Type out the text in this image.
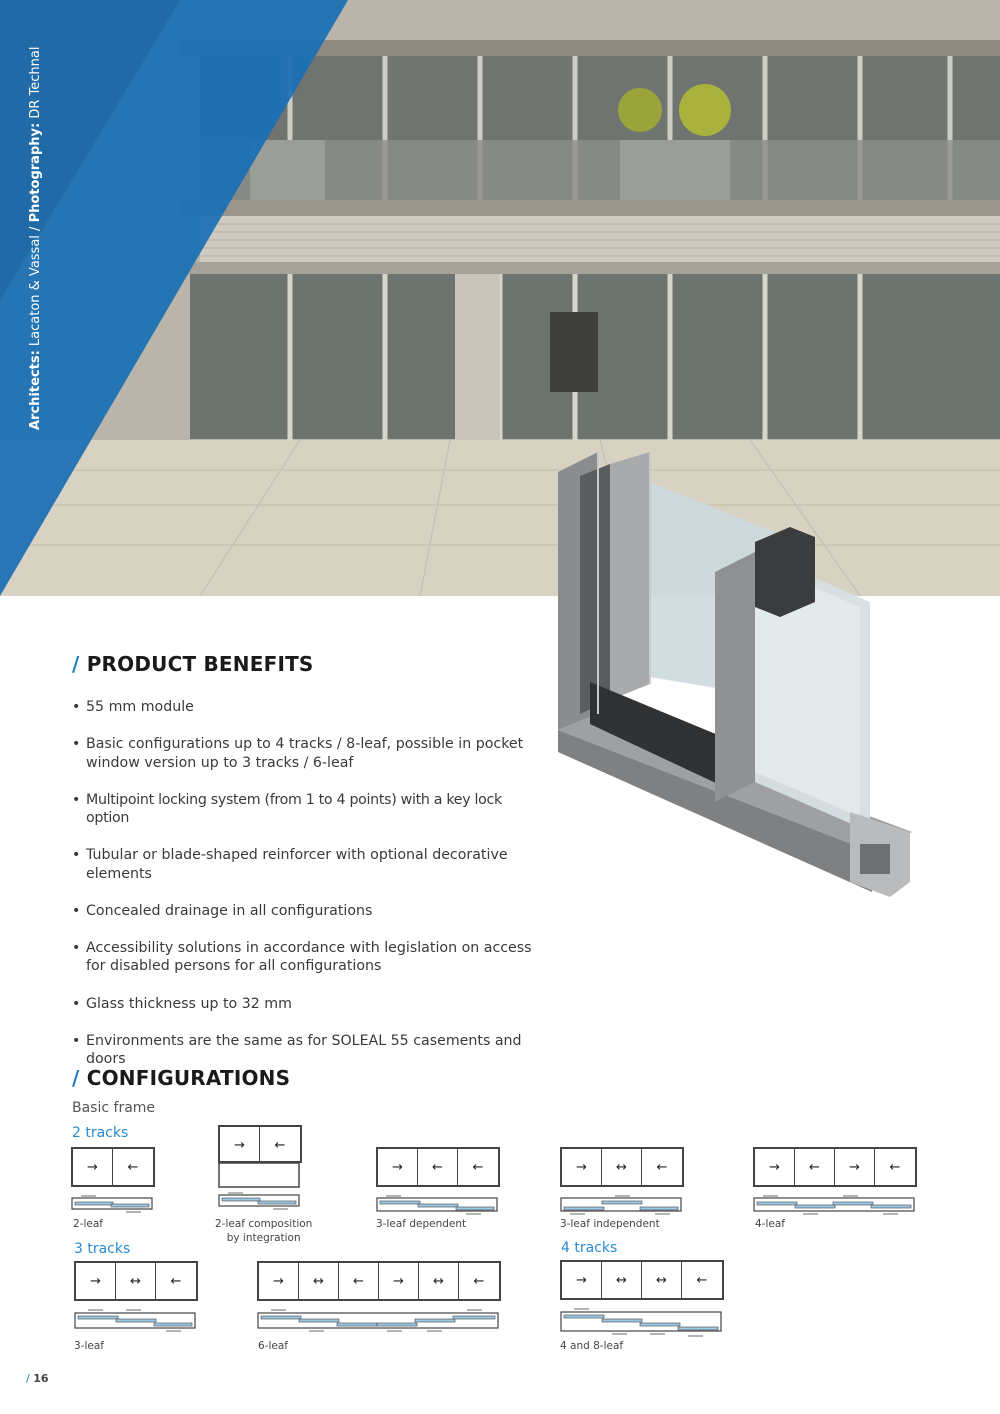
Architects: Lacaton & Vassal / Photography: DR Technal
/ PRODUCT BENEFITS
• 55 mm module
• Basic configurations up to 4 tracks / 8-leaf, possible in pocket window version up to 3 tracks / 6-leaf
• Multipoint locking system (from 1 to 4 points) with a key lock option
• Tubular or blade-shaped reinforcer with optional decorative elements
• Concealed drainage in all configurations
• Accessibility solutions in accordance with legislation on access for disabled persons for all configurations
• Glass thickness up to 32 mm
• Environments are the same as for SOLEAL 55 casements and doors
/ CONFIGURATIONS
Basic frame
2 tracks
3 tracks	4 tracks
→	←
2-leaf
→	←
2-leaf composition
by integration
→	←	←
3-leaf dependent
→	↔	←
3-leaf independent
→	←	→	←
4-leaf
→	↔	←
3-leaf
→	↔	←	→	↔	←
6-leaf
→	↔	↔	←
4 and 8-leaf
/ 16
